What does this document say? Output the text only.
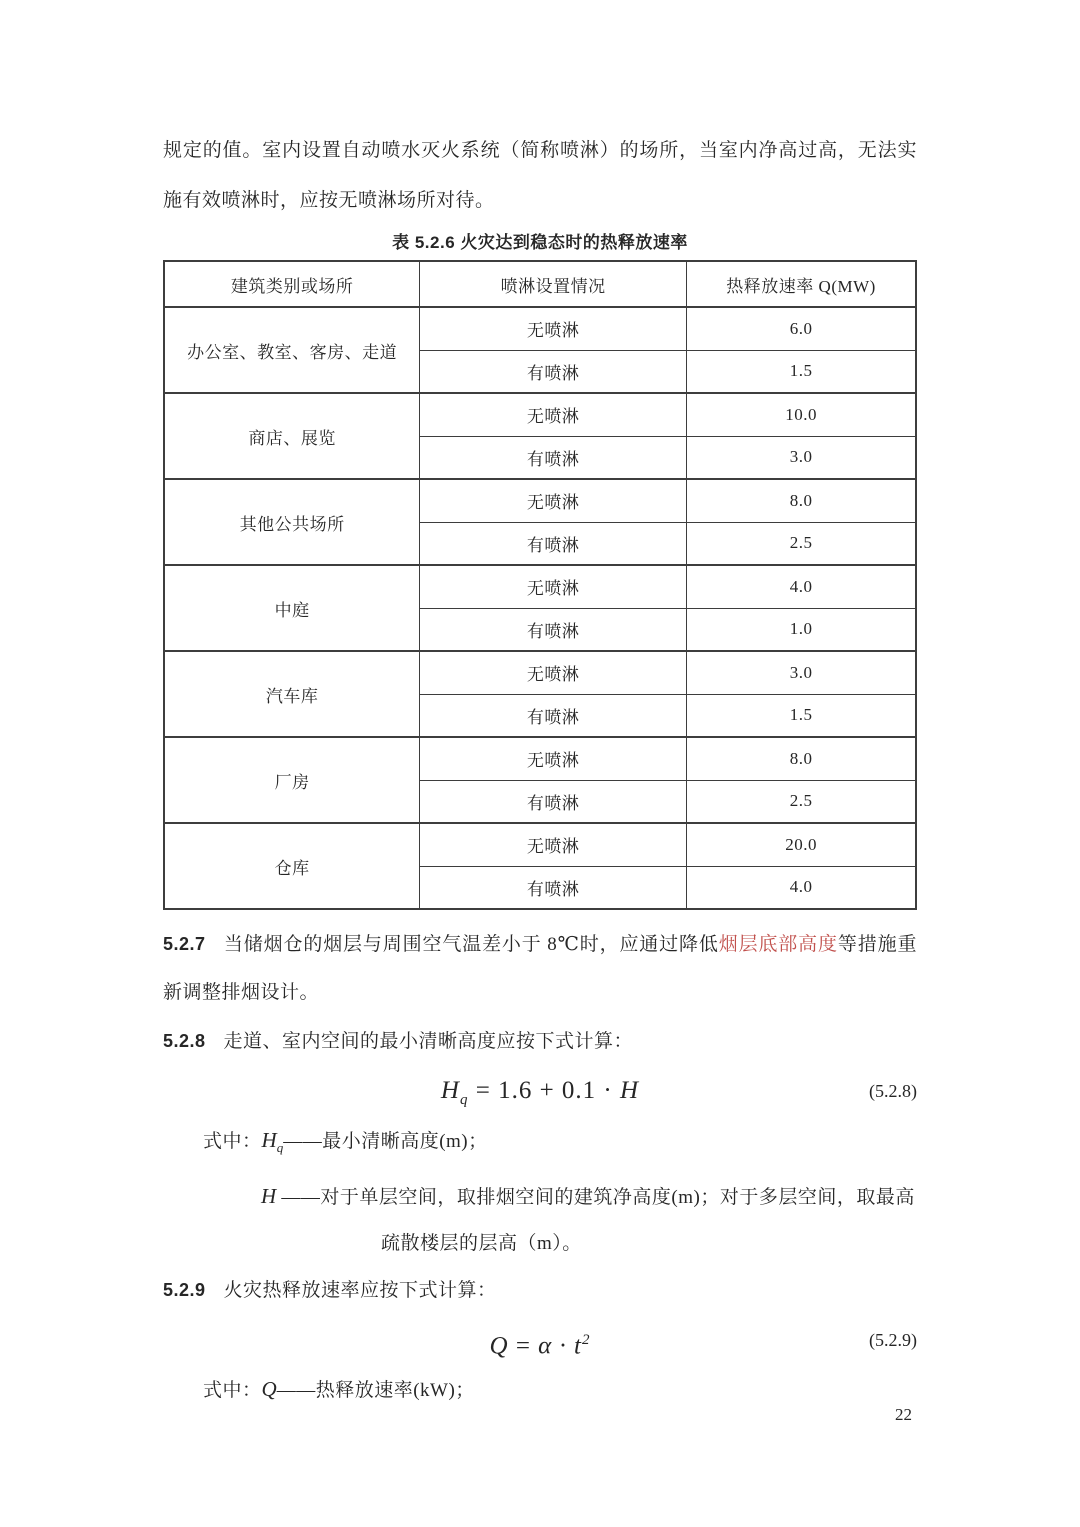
规定的值。室内设置自动喷水灭火系统（简称喷淋）的场所，当室内净高过高，无法实施有效喷淋时，应按无喷淋场所对待。

表 5.2.6 火灾达到稳态时的热释放速率

建筑类别或场所	喷淋设置情况	热释放速率 Q(MW)
办公室、教室、客房、走道	无喷淋	6.0
	有喷淋	1.5
商店、展览	无喷淋	10.0
	有喷淋	3.0
其他公共场所	无喷淋	8.0
	有喷淋	2.5
中庭	无喷淋	4.0
	有喷淋	1.0
汽车库	无喷淋	3.0
	有喷淋	1.5
厂房	无喷淋	8.0
	有喷淋	2.5
仓库	无喷淋	20.0
	有喷淋	4.0

5.2.7 当储烟仓的烟层与周围空气温差小于 8℃时，应通过降低烟层底部高度等措施重新调整排烟设计。

5.2.8 走道、室内空间的最小清晰高度应按下式计算：

$H_q = 1.6 + 0.1 \cdot H$	(5.2.8)

式中：$H_q——$最小清晰高度(m)；

H ——对于单层空间，取排烟空间的建筑净高度(m)；对于多层空间，取最高

疏散楼层的层高（m）。

5.2.9 火灾热释放速率应按下式计算：

$Q = \alpha \cdot t^2$	(5.2.9)

式中：Q——热释放速率(kW)；

22
